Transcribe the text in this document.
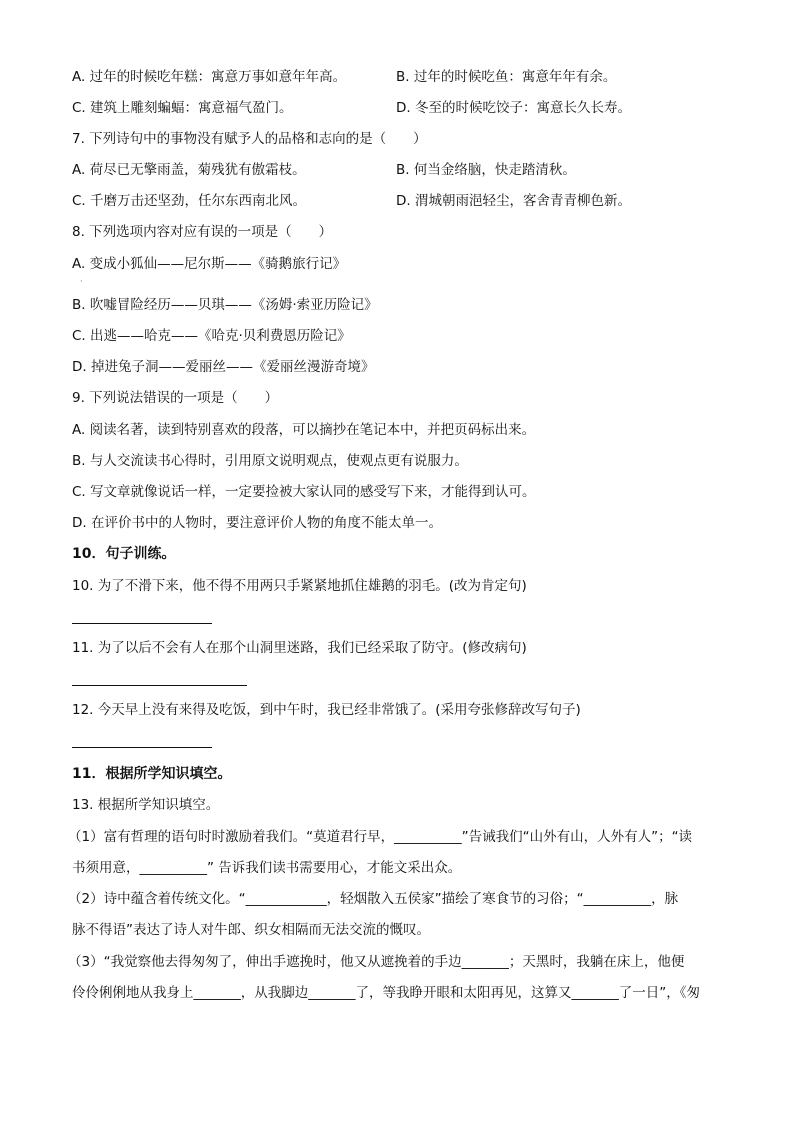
A. 过年的时候吃年糕：寓意万事如意年年高。	B. 过年的时候吃鱼：寓意年年有余。
C. 建筑上雕刻蝙蝠：寓意福气盈门。	D. 冬至的时候吃饺子：寓意长久长寿。
7. 下列诗句中的事物没有赋予人的品格和志向的是（　　）
A. 荷尽已无擎雨盖，菊残犹有傲霜枝。	B. 何当金络脑，快走踏清秋。
C. 千磨万击还坚劲，任尔东西南北风。	D. 渭城朝雨浥轻尘，客舍青青柳色新。
8. 下列选项内容对应有误的一项是（　　）
A. 变成小狐仙——尼尔斯——《骑鹅旅行记》
·
B. 吹嘘冒险经历——贝琪——《汤姆·索亚历险记》
C. 出逃——哈克——《哈克·贝利费恩历险记》
D. 掉进兔子洞——爱丽丝——《爱丽丝漫游奇境》
9. 下列说法错误的一项是（　　）
A. 阅读名著，读到特别喜欢的段落，可以摘抄在笔记本中，并把页码标出来。
B. 与人交流读书心得时，引用原文说明观点，使观点更有说服力。
C. 写文章就像说话一样，一定要捡被大家认同的感受写下来，才能得到认可。
D. 在评价书中的人物时，要注意评价人物的角度不能太单一。
10．句子训练。
10. 为了不滑下来，他不得不用两只手紧紧地抓住雄鹅的羽毛。(改为肯定句)
11. 为了以后不会有人在那个山洞里迷路，我们已经采取了防守。(修改病句)
12. 今天早上没有来得及吃饭，到中午时，我已经非常饿了。(采用夸张修辞改写句子)
11．根据所学知识填空。
13. 根据所学知识填空。
（1）富有哲理的语句时时激励着我们。“莫道君行早，__________”告诫我们“山外有山，人外有人”；“读
书须用意，__________” 告诉我们读书需要用心，才能文采出众。
（2）诗中蕴含着传统文化。“____________，轻烟散入五侯家”描绘了寒食节的习俗；“__________，脉
脉不得语”表达了诗人对牛郎、织女相隔而无法交流的慨叹。
（3）“我觉察他去得匆匆了，伸出手遮挽时，他又从遮挽着的手边_______；天黑时，我躺在床上，他便
伶伶俐俐地从我身上_______，从我脚边_______了，等我睁开眼和太阳再见，这算又_______了一日”，《匆
